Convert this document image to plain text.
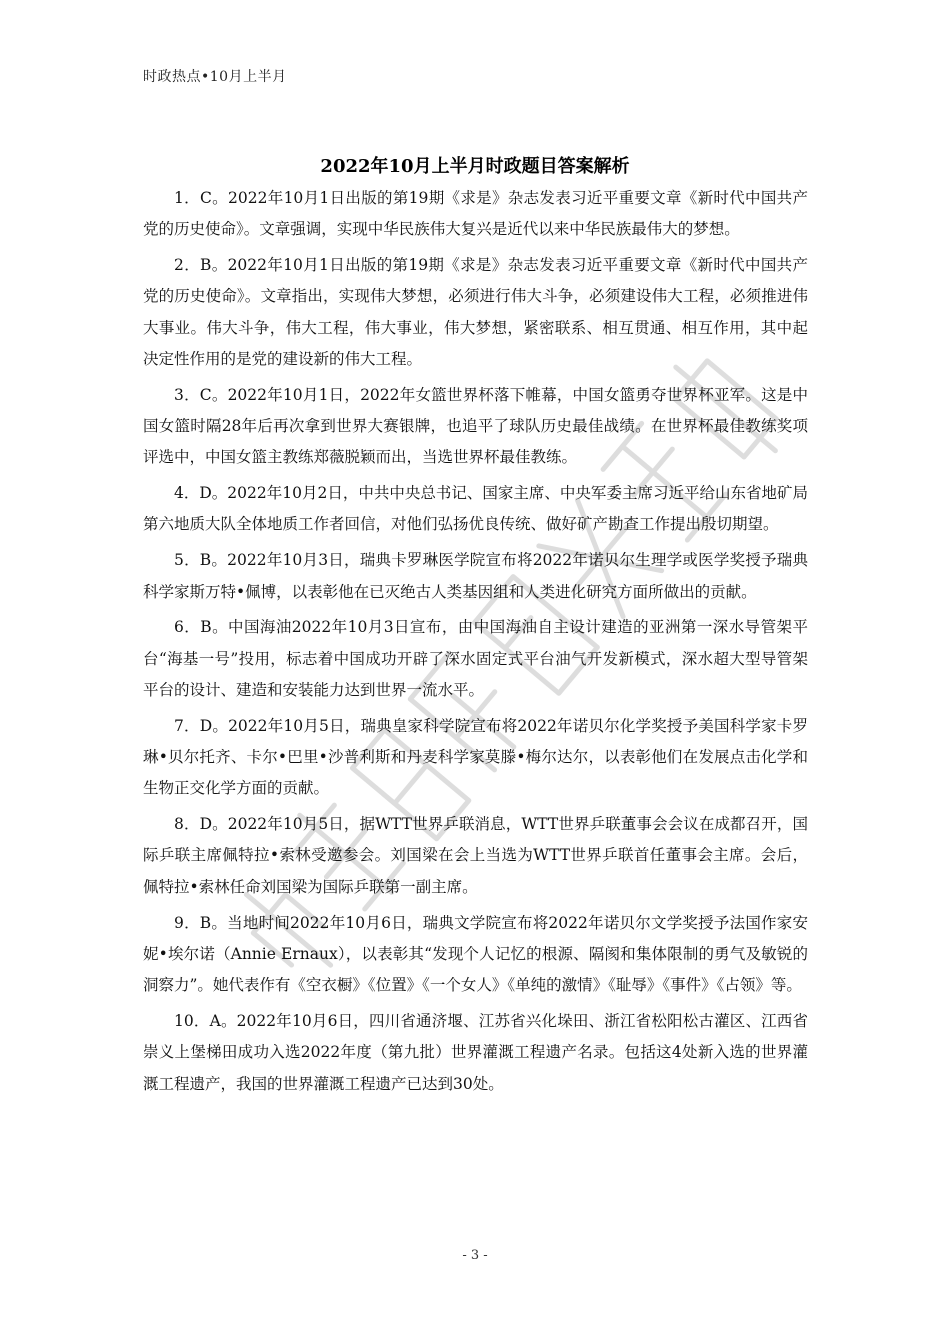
时政热点•10月上半月
2022年10月上半月时政题目答案解析

1．C。2022年10月1日出版的第19期《求是》杂志发表习近平重要文章《新时代中国共产党的历史使命》。文章强调，实现中华民族伟大复兴是近代以来中华民族最伟大的梦想。

2．B。2022年10月1日出版的第19期《求是》杂志发表习近平重要文章《新时代中国共产党的历史使命》。文章指出，实现伟大梦想，必须进行伟大斗争，必须建设伟大工程，必须推进伟大事业。伟大斗争，伟大工程，伟大事业，伟大梦想，紧密联系、相互贯通、相互作用，其中起决定性作用的是党的建设新的伟大工程。

3．C。2022年10月1日，2022年女篮世界杯落下帷幕，中国女篮勇夺世界杯亚军。这是中国女篮时隔28年后再次拿到世界大赛银牌，也追平了球队历史最佳战绩。在世界杯最佳教练奖项评选中，中国女篮主教练郑薇脱颖而出，当选世界杯最佳教练。

4．D。2022年10月2日，中共中央总书记、国家主席、中央军委主席习近平给山东省地矿局第六地质大队全体地质工作者回信，对他们弘扬优良传统、做好矿产勘查工作提出殷切期望。

5．B。2022年10月3日，瑞典卡罗琳医学院宣布将2022年诺贝尔生理学或医学奖授予瑞典科学家斯万特•佩博，以表彰他在已灭绝古人类基因组和人类进化研究方面所做出的贡献。

6．B。中国海油2022年10月3日宣布，由中国海油自主设计建造的亚洲第一深水导管架平台“海基一号”投用，标志着中国成功开辟了深水固定式平台油气开发新模式，深水超大型导管架平台的设计、建造和安装能力达到世界一流水平。

7．D。2022年10月5日，瑞典皇家科学院宣布将2022年诺贝尔化学奖授予美国科学家卡罗琳•贝尔托齐、卡尔•巴里•沙普利斯和丹麦科学家莫滕•梅尔达尔，以表彰他们在发展点击化学和生物正交化学方面的贡献。

8．D。2022年10月5日，据WTT世界乒联消息，WTT世界乒联董事会会议在成都召开，国际乒联主席佩特拉•索林受邀参会。刘国梁在会上当选为WTT世界乒联首任董事会主席。会后，佩特拉•索林任命刘国梁为国际乒联第一副主席。

9．B。当地时间2022年10月6日，瑞典文学院宣布将2022年诺贝尔文学奖授予法国作家安妮•埃尔诺（Annie Ernaux），以表彰其“发现个人记忆的根源、隔阂和集体限制的勇气及敏锐的洞察力”。她代表作有《空衣橱》《位置》《一个女人》《单纯的激情》《耻辱》《事件》《占领》等。

10．A。2022年10月6日，四川省通济堰、江苏省兴化垛田、浙江省松阳松古灌区、江西省崇义上堡梯田成功入选2022年度（第九批）世界灌溉工程遗产名录。包括这4处新入选的世界灌溉工程遗产，我国的世界灌溉工程遗产已达到30处。

- 3 -
